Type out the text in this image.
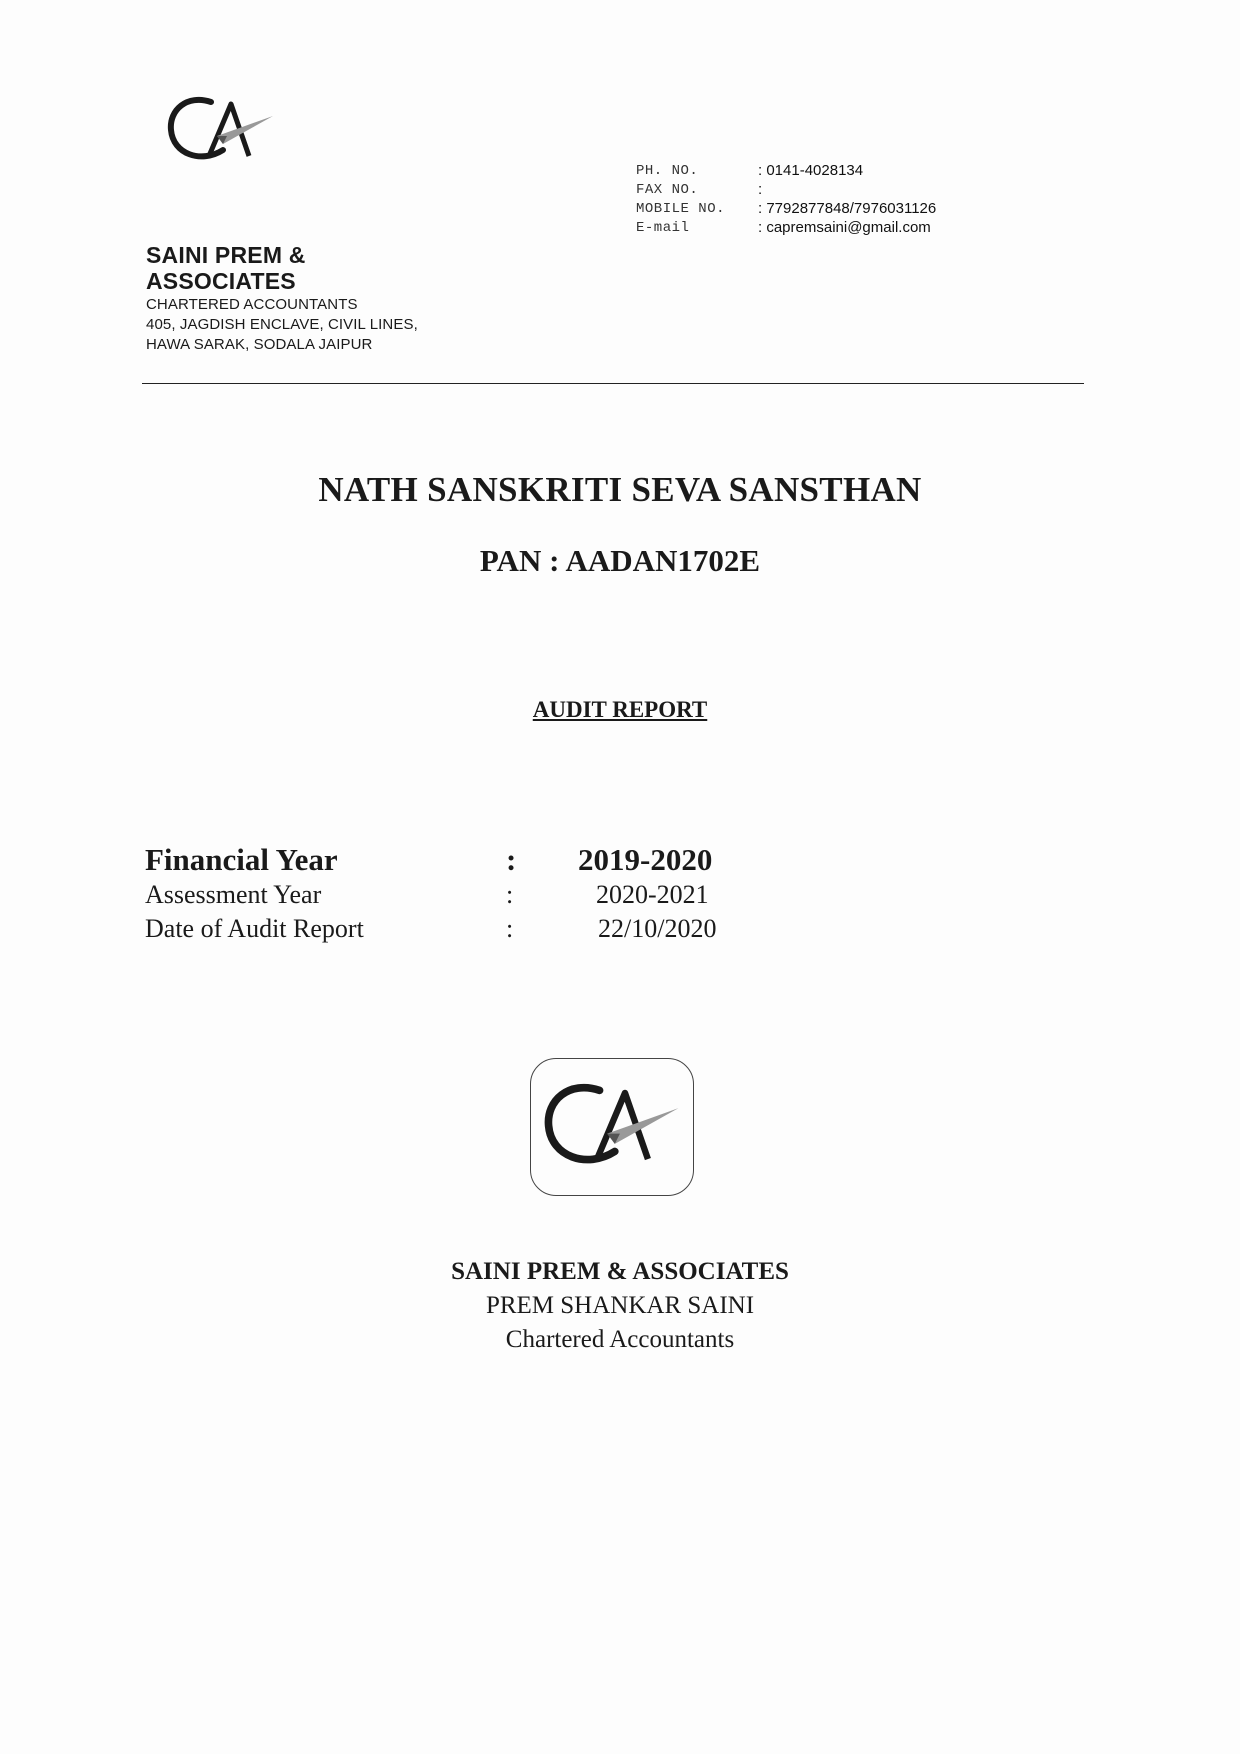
PH. NO.	: 0141-4028134
FAX NO.	:
MOBILE NO. : 7792877848/7976031126
E-mail	: capremsaini@gmail.com
SAINI PREM &
ASSOCIATES
CHARTERED ACCOUNTANTS
405, JAGDISH ENCLAVE, CIVIL LINES,
HAWA SARAK, SODALA JAIPUR
NATH SANSKRITI SEVA SANSTHAN
PAN : AADAN1702E
AUDIT REPORT
Financial Year	: 2019-2020
Assessment Year	:	2020-2021
Date of Audit Report	:	22/10/2020
SAINI PREM & ASSOCIATES
PREM SHANKAR SAINI
Chartered Accountants
